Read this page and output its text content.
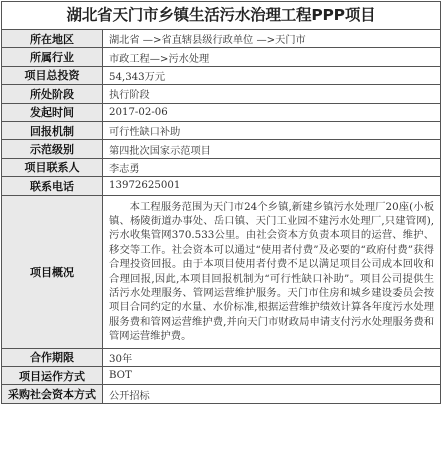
湖北省天门市乡镇生活污水治理工程PPP项目
所在地区	湖北省 —>省直辖县级行政单位 —>天门市
所属行业	市政工程—>污水处理
项目总投资	54,343万元
所处阶段	执行阶段
发起时间	2017-02-06
回报机制	可行性缺口补助
示范级别	第四批次国家示范项目
项目联系人	李志勇
联系电话	13972625001
项目概况	本工程服务范围为天门市24个乡镇,新建乡镇污水处理厂20座(小板镇、杨陵街道办事处、岳口镇、天门工业园不建污水处理厂,只建管网),污水收集管网370.533公里。由社会资本方负责本项目的运营、维护、移交等工作。社会资本可以通过“使用者付费”及必要的“政府付费”获得合理投资回报。由于本项目使用者付费不足以满足项目公司成本回收和合理回报,因此,本项目回报机制为“可行性缺口补助”。项目公司提供生活污水处理服务、管网运营维护服务。天门市住房和城乡建设委员会按项目合同约定的水量、水价标准,根据运营维护绩效计算各年度污水处理服务费和管网运营维护费,并向天门市财政局申请支付污水处理服务费和管网运营维护费。
合作期限	30年
项目运作方式	BOT
采购社会资本方式	公开招标
